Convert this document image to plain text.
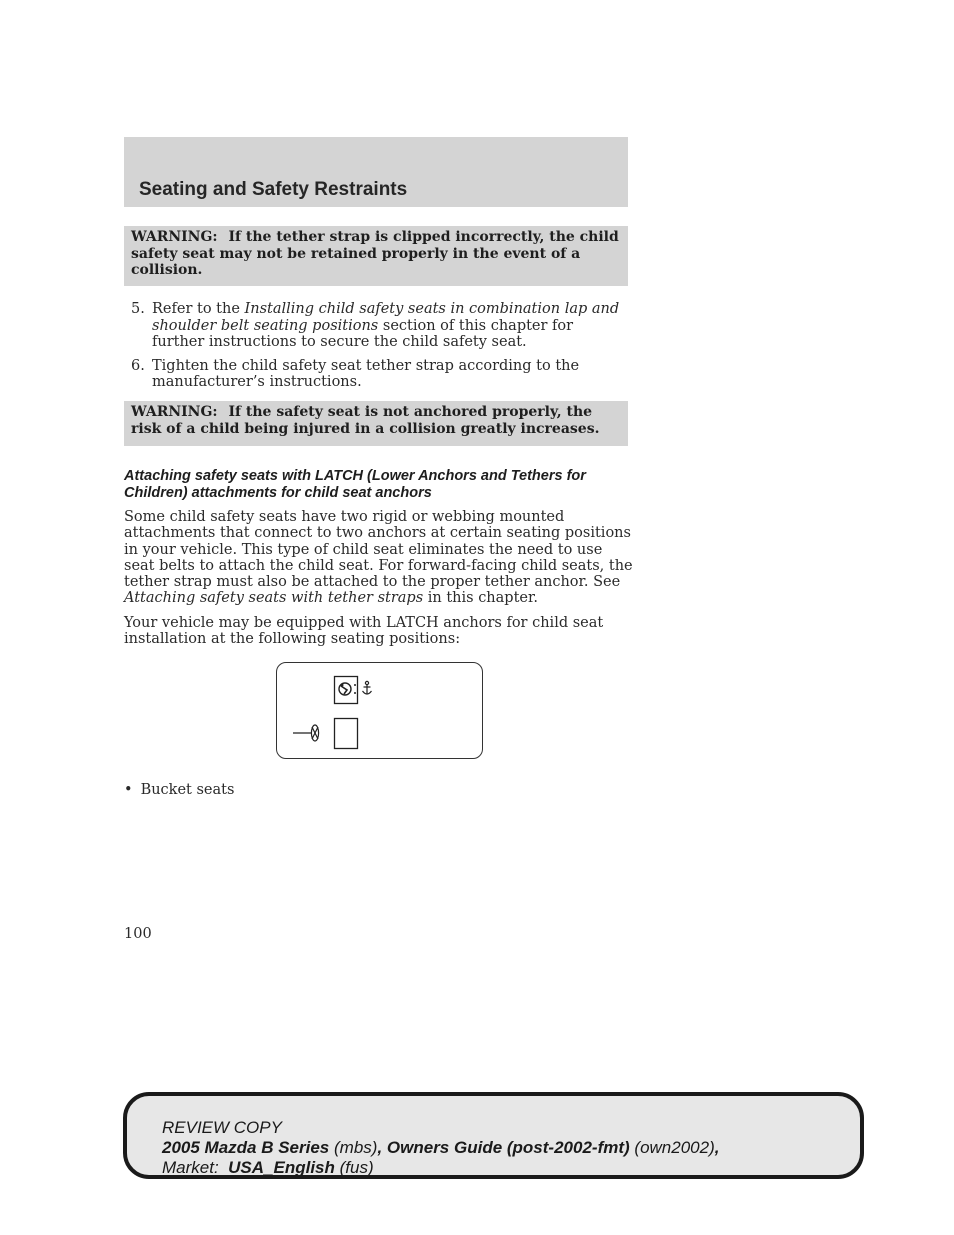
Seating and Safety Restraints
WARNING: If the tether strap is clipped incorrectly, the child safety seat may not be retained properly in the event of a collision.
5. Refer to the Installing child safety seats in combination lap and shoulder belt seating positions section of this chapter for further instructions to secure the child safety seat.
6. Tighten the child safety seat tether strap according to the manufacturer’s instructions.
WARNING: If the safety seat is not anchored properly, the risk of a child being injured in a collision greatly increases.
Attaching safety seats with LATCH (Lower Anchors and Tethers for Children) attachments for child seat anchors

Some child safety seats have two rigid or webbing mounted attachments that connect to two anchors at certain seating positions in your vehicle. This type of child seat eliminates the need to use seat belts to attach the child seat. For forward-facing child seats, the tether strap must also be attached to the proper tether anchor. See Attaching safety seats with tether straps in this chapter.

Your vehicle may be equipped with LATCH anchors for child seat installation at the following seating positions:

• Bucket seats

100

REVIEW COPY
2005 Mazda B Series (mbs), Owners Guide (post-2002-fmt) (own2002),
Market: USA_English (fus)
